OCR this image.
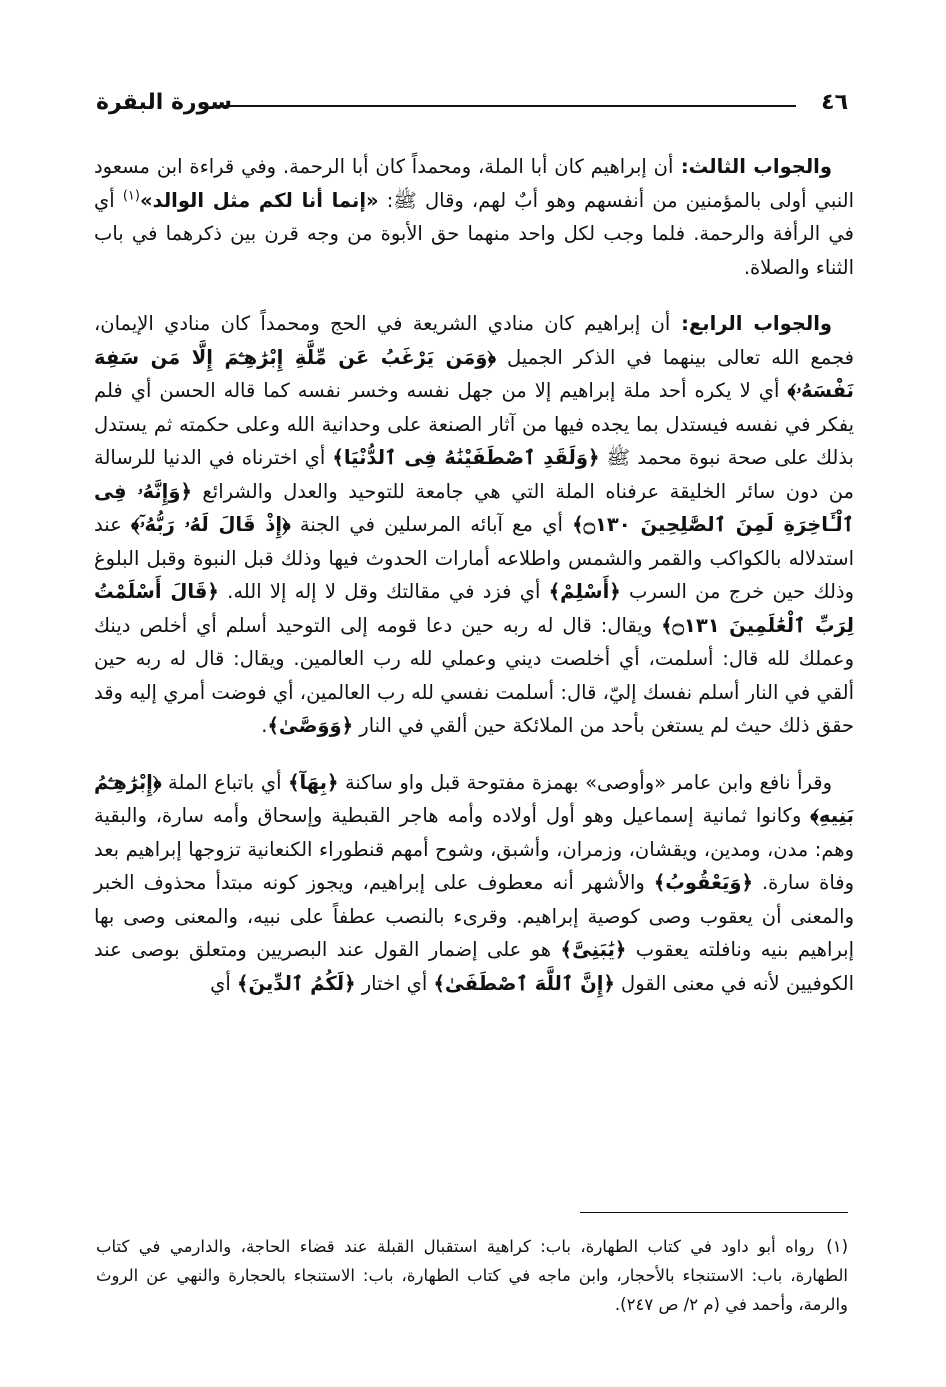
٤٦
سورة البقرة

والجواب الثالث: أن إبراهيم كان أبا الملة، ومحمداً كان أبا الرحمة. وفي قراءة ابن مسعود النبي أولى بالمؤمنين من أنفسهم وهو أبٌ لهم، وقال ﷺ: «إنما أنا لكم مثل الوالد»$^{(١)}$ أي في الرأفة والرحمة. فلما وجب لكل واحد منهما حق الأبوة من وجه قرن بين ذكرهما في باب الثناء والصلاة.

والجواب الرابع: أن إبراهيم كان منادي الشريعة في الحج ومحمداً كان منادي الإيمان، فجمع الله تعالى بينهما في الذكر الجميل ﴿وَمَن يَرْغَبُ عَن مِّلَّةِ إِبْرَٰهِـۧمَ إِلَّا مَن سَفِهَ نَفْسَهُۥ﴾ أي لا يكره أحد ملة إبراهيم إلا من جهل نفسه وخسر نفسه كما قاله الحسن أي فلم يفكر في نفسه فيستدل بما يجده فيها من آثار الصنعة على وحدانية الله وعلى حكمته ثم يستدل بذلك على صحة نبوة محمد ﷺ ﴿وَلَقَدِ ٱصْطَفَيْنَٰهُ فِى ٱلدُّنْيَا﴾ أي اخترناه في الدنيا للرسالة من دون سائر الخليقة عرفناه الملة التي هي جامعة للتوحيد والعدل والشرائع ﴿وَإِنَّهُۥ فِى ٱلْـَٔاخِرَةِ لَمِنَ ٱلصَّٰلِحِينَ ۝١٣٠﴾ أي مع آبائه المرسلين في الجنة ﴿إِذْ قَالَ لَهُۥ رَبُّهُۥٓ﴾ عند استدلاله بالكواكب والقمر والشمس واطلاعه أمارات الحدوث فيها وذلك قبل النبوة وقبل البلوغ وذلك حين خرج من السرب ﴿أَسْلِمْ﴾ أي فزد في مقالتك وقل لا إله إلا الله. ﴿قَالَ أَسْلَمْتُ لِرَبِّ ٱلْعَٰلَمِينَ ۝١٣١﴾ ويقال: قال له ربه حين دعا قومه إلى التوحيد أسلم أي أخلص دينك وعملك لله قال: أسلمت، أي أخلصت ديني وعملي لله رب العالمين. ويقال: قال له ربه حين ألقي في النار أسلم نفسك إليّ، قال: أسلمت نفسي لله رب العالمين، أي فوضت أمري إليه وقد حقق ذلك حيث لم يستغن بأحد من الملائكة حين ألقي في النار ﴿وَوَصَّىٰ﴾.

وقرأ نافع وابن عامر «وأوصى» بهمزة مفتوحة قبل واو ساكنة ﴿بِهَآ﴾ أي باتباع الملة ﴿إِبْرَٰهِـۧمُ بَنِيهِ﴾ وكانوا ثمانية إسماعيل وهو أول أولاده وأمه هاجر القبطية وإسحاق وأمه سارة، والبقية وهم: مدن، ومدين، ويقشان، وزمران، وأشبق، وشوح أمهم قنطوراء الكنعانية تزوجها إبراهيم بعد وفاة سارة. ﴿وَيَعْقُوبُ﴾ والأشهر أنه معطوف على إبراهيم، ويجوز كونه مبتدأ محذوف الخبر والمعنى أن يعقوب وصى كوصية إبراهيم. وقرىء بالنصب عطفاً على نبيه، والمعنى وصى بها إبراهيم بنيه ونافلته يعقوب ﴿يَٰبَنِىَّ﴾ هو على إضمار القول عند البصريين ومتعلق بوصى عند الكوفيين لأنه في معنى القول ﴿إِنَّ ٱللَّهَ ٱصْطَفَىٰ﴾ أي اختار ﴿لَكُمُ ٱلدِّينَ﴾ أي

(١)رواه أبو داود في كتاب الطهارة، باب: كراهية استقبال القبلة عند قضاء الحاجة، والدارمي في كتاب الطهارة، باب: الاستنجاء بالأحجار، وابن ماجه في كتاب الطهارة، باب: الاستنجاء بالحجارة والنهي عن الروث والرمة، وأحمد في (م ٢/ ص ٢٤٧).
